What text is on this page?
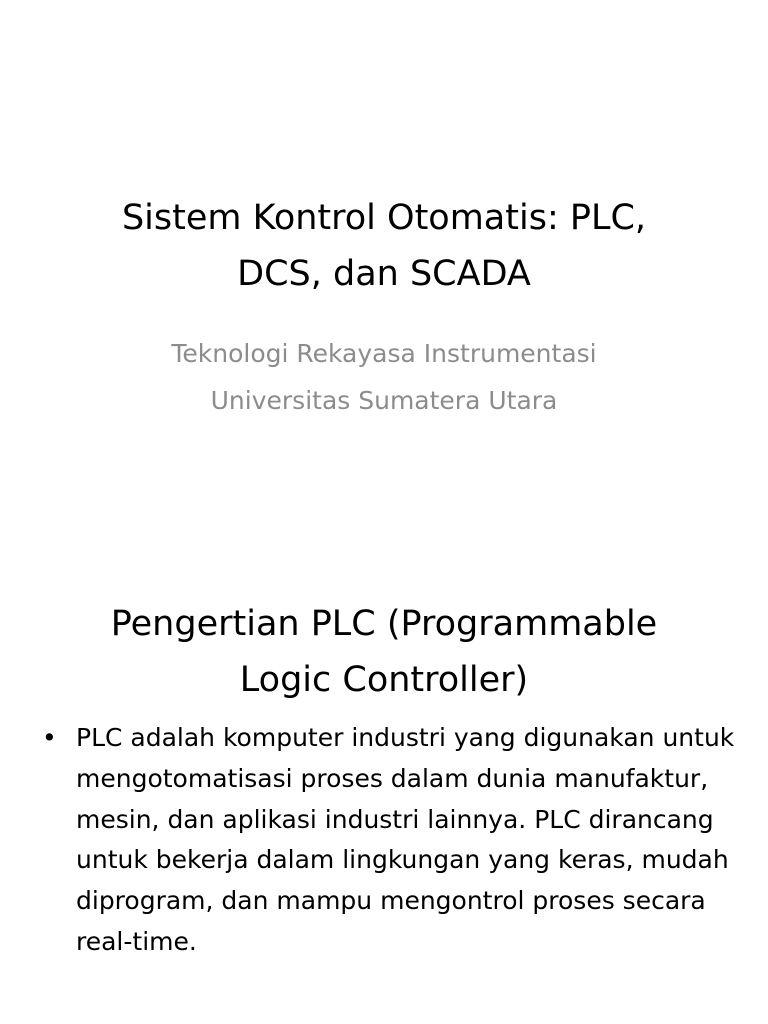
Sistem Kontrol Otomatis: PLC,
DCS, dan SCADA
Teknologi Rekayasa Instrumentasi
Universitas Sumatera Utara
Pengertian PLC (Programmable
Logic Controller)
• PLC adalah komputer industri yang digunakan untuk mengotomatisasi proses dalam dunia manufaktur, mesin, dan aplikasi industri lainnya. PLC dirancang untuk bekerja dalam lingkungan yang keras, mudah diprogram, dan mampu mengontrol proses secara real-time.
